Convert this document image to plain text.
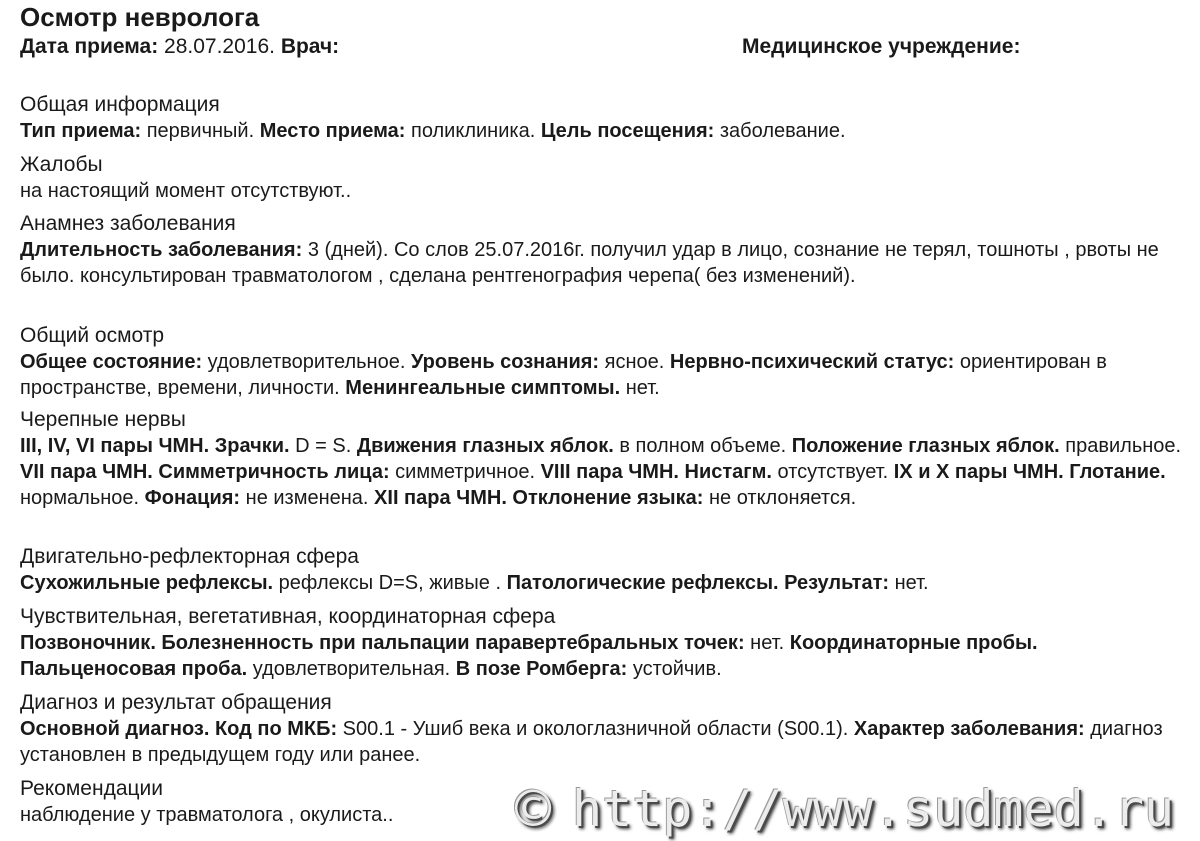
Осмотр невролога
Дата приема: 28.07.2016. Врач:	Медицинское учреждение:
Общая информация
Тип приема: первичный. Место приема: поликлиника. Цель посещения: заболевание.
Жалобы
на настоящий момент отсутствуют..
Анамнез заболевания
Длительность заболевания: 3 (дней). Со слов 25.07.2016г. получил удар в лицо, сознание не терял, тошноты , рвоты не было. консультирован травматологом , сделана рентгенография черепа( без изменений).
Общий осмотр
Общее состояние: удовлетворительное. Уровень сознания: ясное. Нервно-психический статус: ориентирован в пространстве, времени, личности. Менингеальные симптомы. нет.
Черепные нервы
III, IV, VI пары ЧМН. Зрачки. D = S. Движения глазных яблок. в полном объеме. Положение глазных яблок. правильное. VII пара ЧМН. Симметричность лица: симметричное. VIII пара ЧМН. Нистагм. отсутствует. IX и X пары ЧМН. Глотание. нормальное. Фонация: не изменена. XII пара ЧМН. Отклонение языка: не отклоняется.
Двигательно-рефлекторная сфера
Сухожильные рефлексы. рефлексы D=S, живые . Патологические рефлексы. Результат: нет.
Чувствительная, вегетативная, координаторная сфера
Позвоночник. Болезненность при пальпации паравертебральных точек: нет. Координаторные пробы. Пальценосовая проба. удовлетворительная. В позе Ромберга: устойчив.
Диагноз и результат обращения
Основной диагноз. Код по МКБ: S00.1 - Ушиб века и окологлазничной области (S00.1). Характер заболевания: диагноз установлен в предыдущем году или ранее.
Рекомендации
наблюдение у травматолога , окулиста..	© http://www.sudmed.ru
